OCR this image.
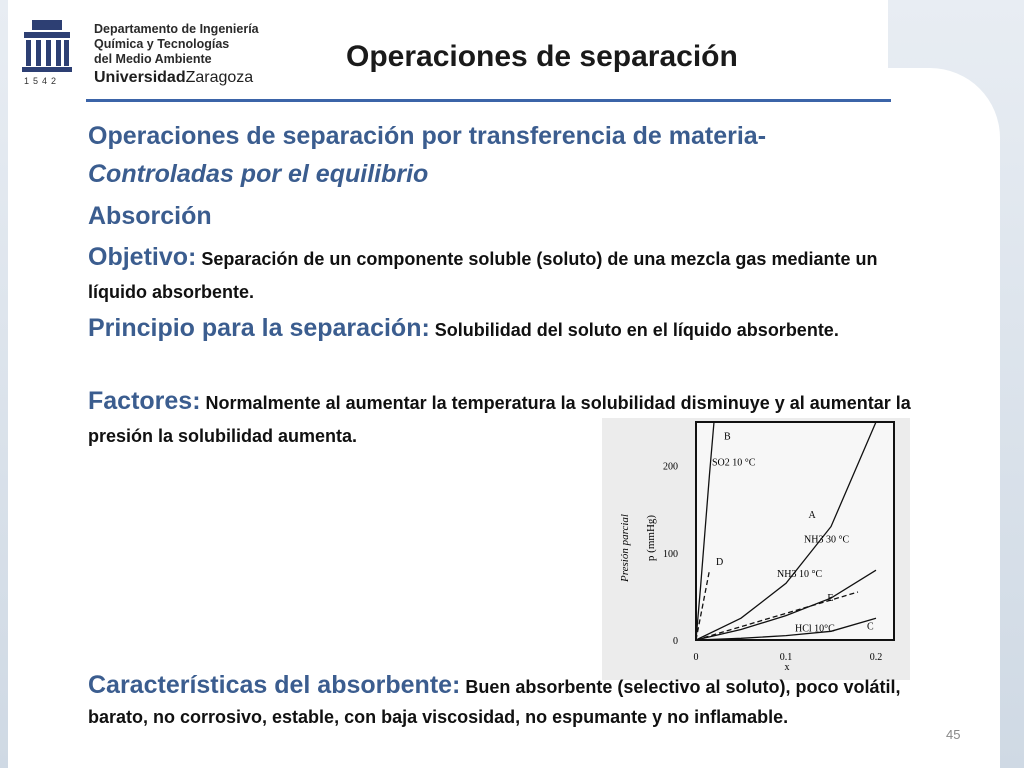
1542
Departamento de Ingeniería
Química y Tecnologías
del Medio Ambiente
UniversidadZaragoza
Operaciones de separación
Operaciones de separación por transferencia de materia-
Controladas por el equilibrio
Absorción
Objetivo: Separación de un componente soluble (soluto) de una mezcla gas mediante un líquido absorbente.
Principio para la separación: Solubilidad del soluto en el líquido absorbente.
Factores: Normalmente al aumentar la temperatura la solubilidad disminuye y al aumentar la presión la solubilidad aumenta.
0
100
200
0	0.1	0.2
x
p (mmHg)
Presión parcial
B
SO2 10 °C
A
NH3 30 °C
NH3 10 °C
C
HCl 10°C
D
E
Características del absorbente: Buen absorbente (selectivo al soluto), poco volátil, barato, no corrosivo, estable, con baja viscosidad, no espumante y no inflamable.
45
